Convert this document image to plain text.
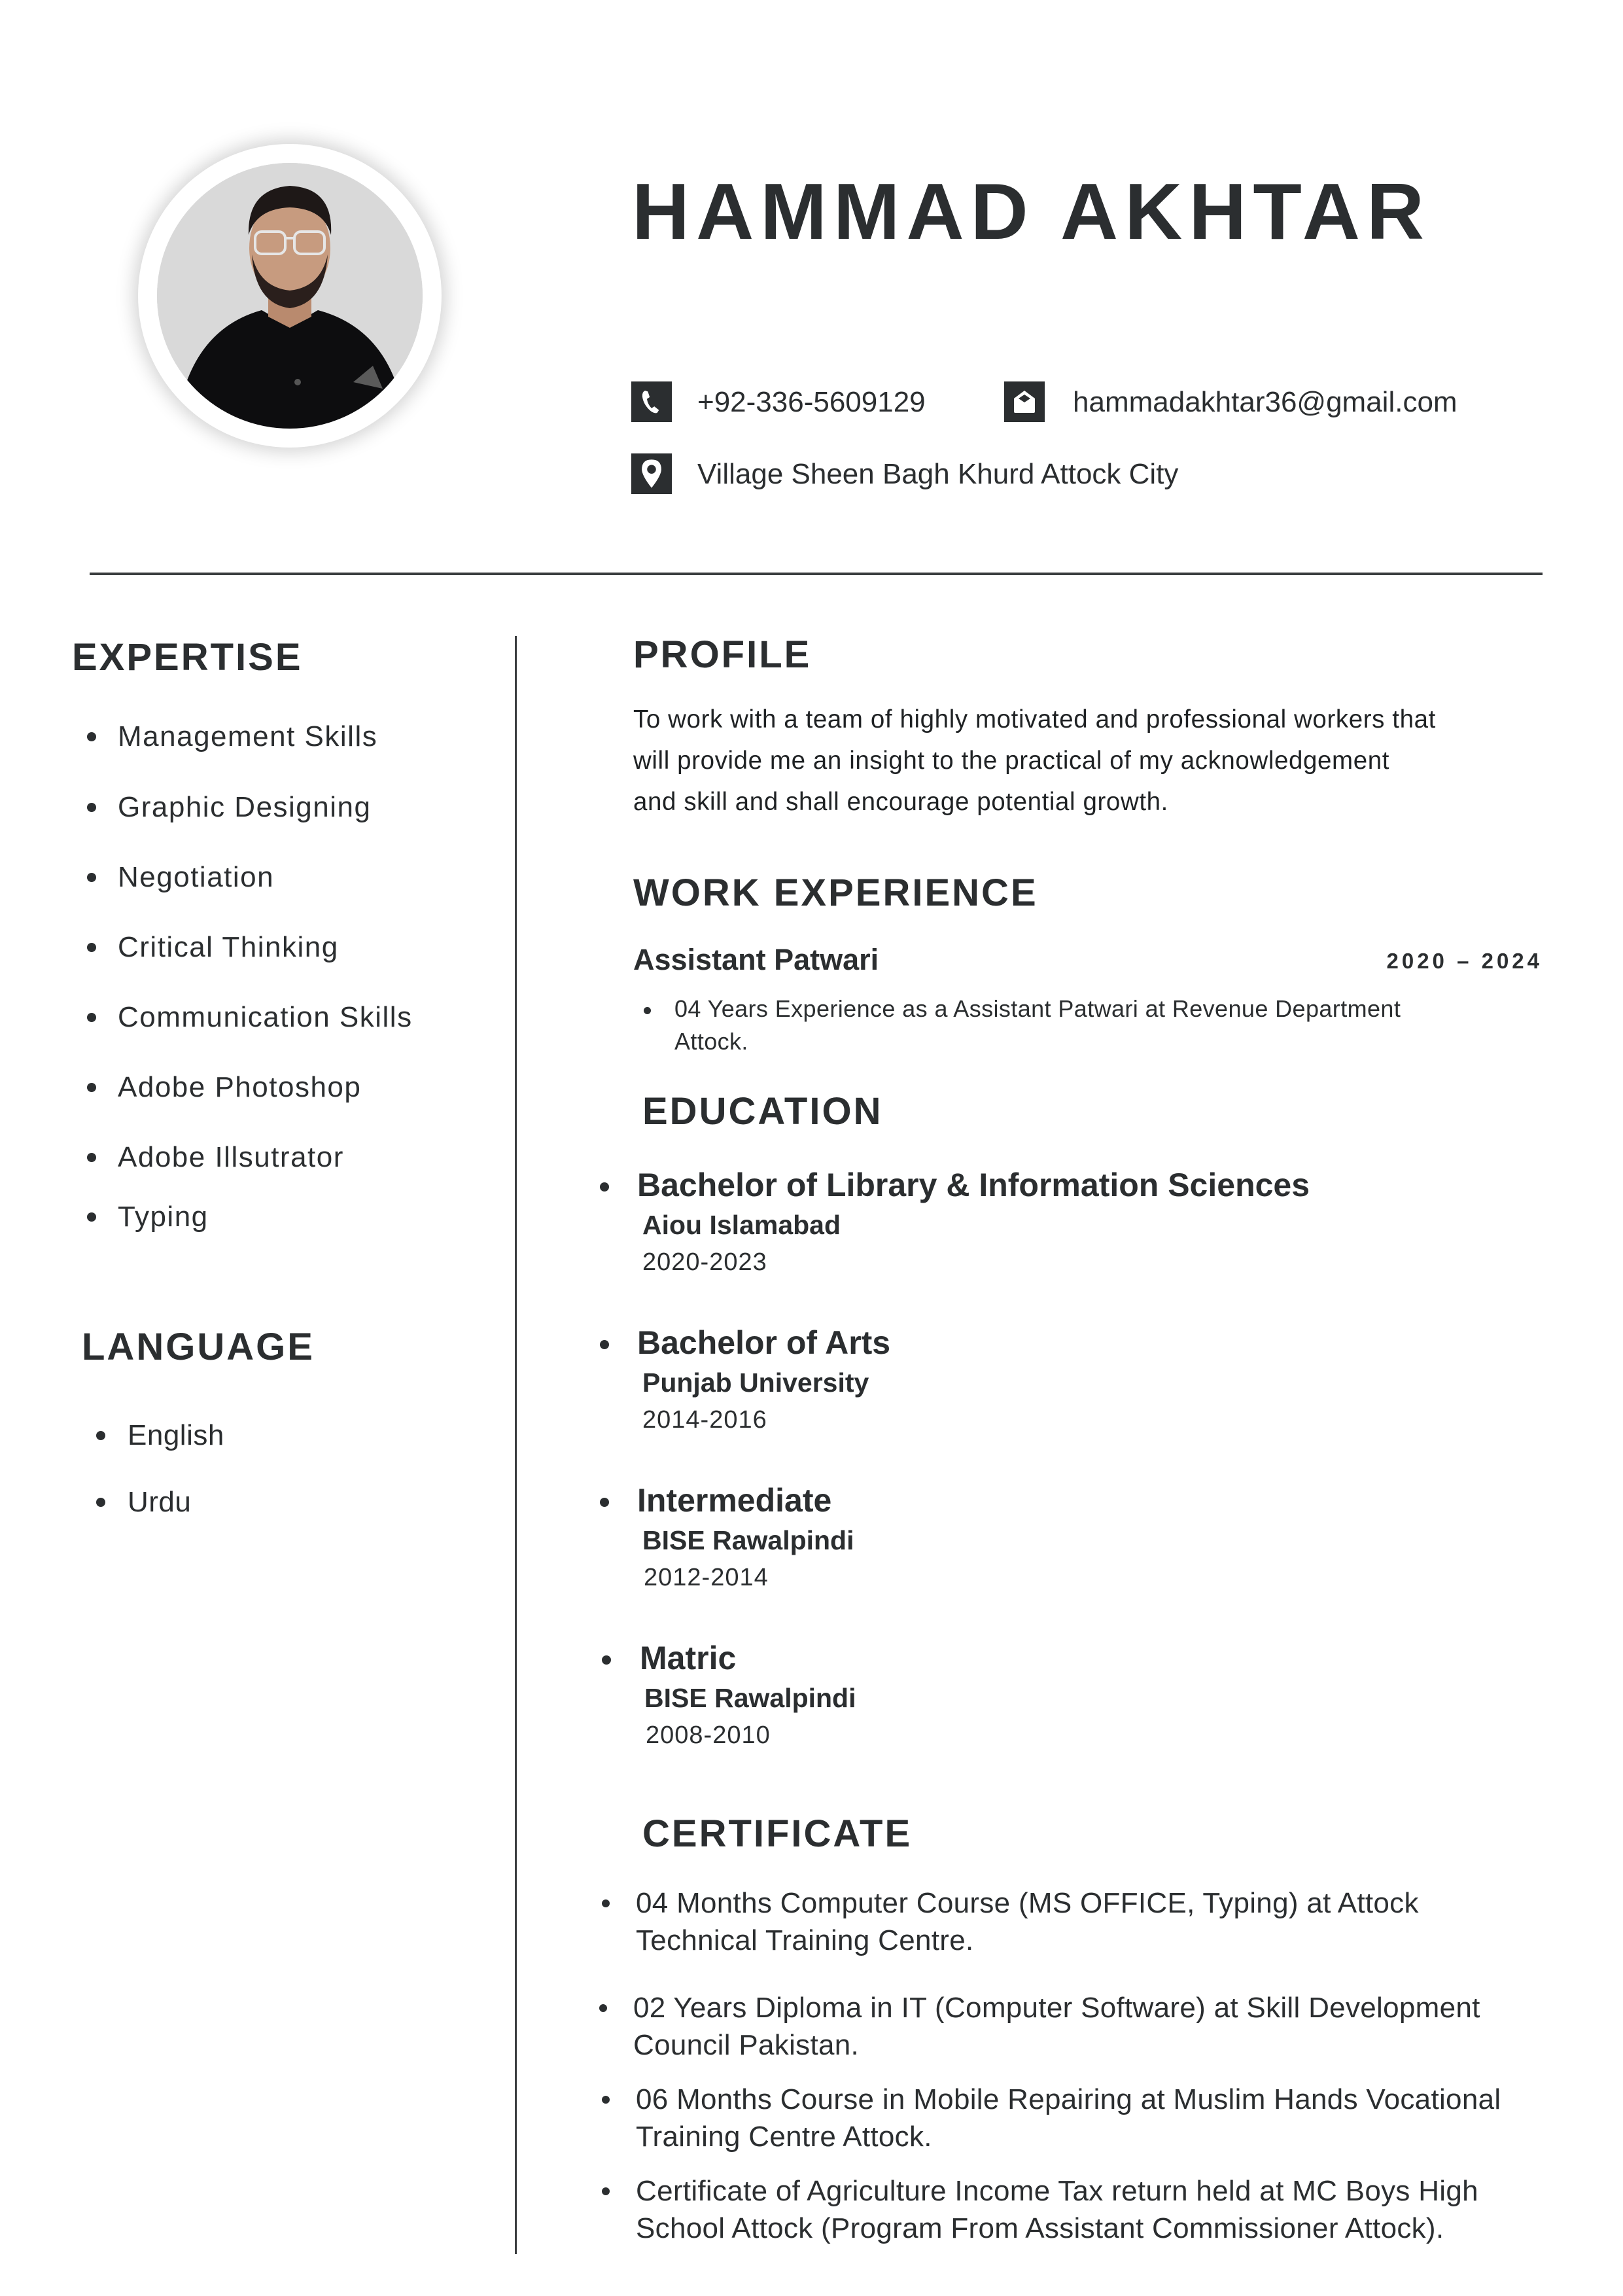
HAMMAD AKHTAR
+92-336-5609129	hammadakhtar36@gmail.com
Village Sheen Bagh Khurd Attock City
EXPERTISE
Management Skills
Graphic Designing
Negotiation
Critical Thinking
Communication Skills
Adobe Photoshop
Adobe Illsutrator
Typing
LANGUAGE
English
Urdu
PROFILE
To work with a team of highly motivated and professional workers that
will provide me an insight to the practical of my acknowledgement
and skill and shall encourage potential growth.
WORK EXPERIENCE
Assistant Patwari	2020 – 2024
04 Years Experience as a Assistant Patwari at Revenue Department
Attock.
EDUCATION
Bachelor of Library & Information Sciences
Aiou Islamabad
2020-2023
Bachelor of Arts
Punjab University
2014-2016
Intermediate
BISE Rawalpindi
2012-2014
Matric
BISE Rawalpindi
2008-2010
CERTIFICATE
04 Months Computer Course (MS OFFICE, Typing) at Attock
Technical Training Centre.
02 Years Diploma in IT (Computer Software) at Skill Development
Council Pakistan.
06 Months Course in Mobile Repairing at Muslim Hands Vocational
Training Centre Attock.
Certificate of Agriculture Income Tax return held at MC Boys High
School Attock (Program From Assistant Commissioner Attock).
